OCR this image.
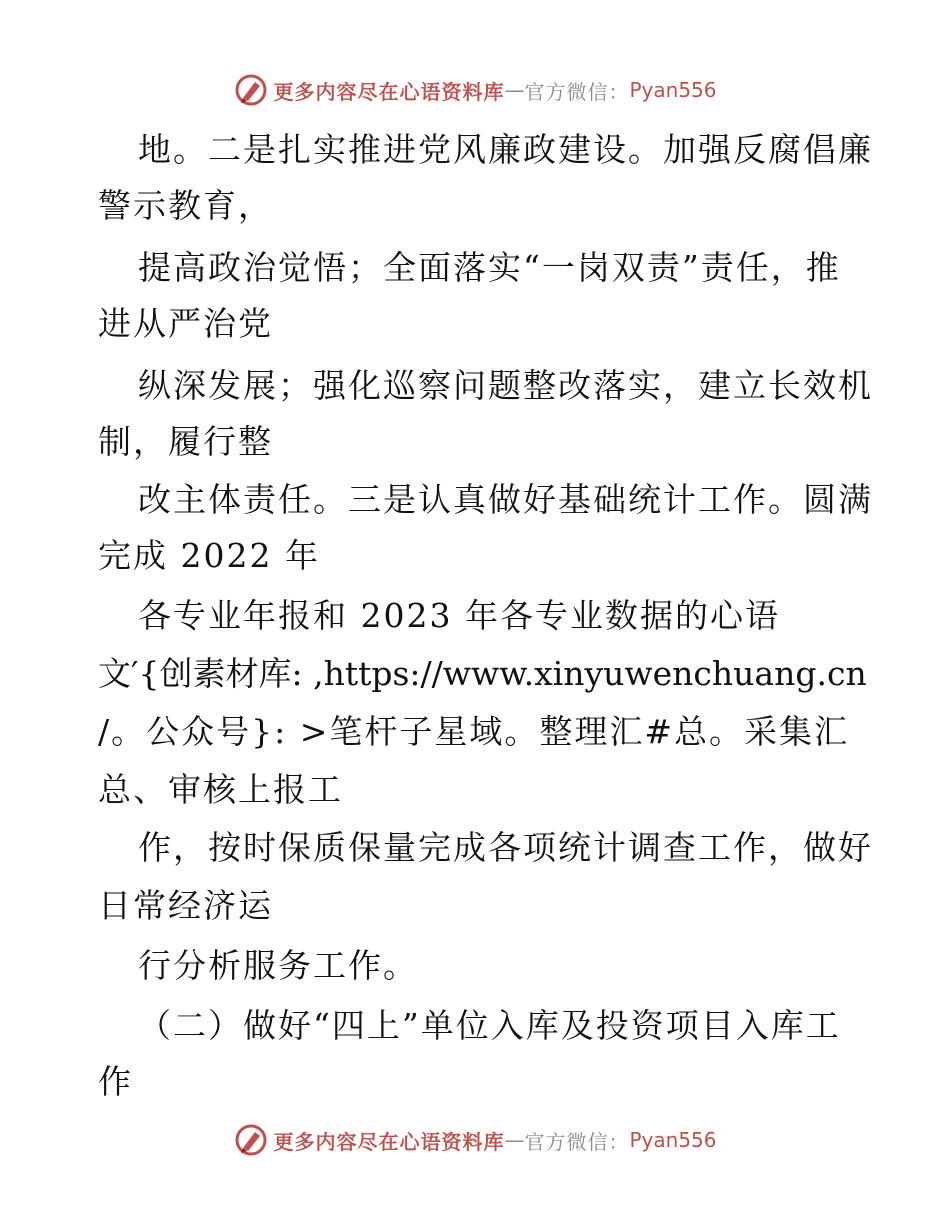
更多内容尽在心语资料库 — 官方微信： Pyan556
地。二是扎实推进党风廉政建设。加强反腐倡廉
警示教育，
提高政治觉悟；全面落实“一岗双责”责任，推
进从严治党
纵深发展；强化巡察问题整改落实，建立长效机
制，履行整
改主体责任。三是认真做好基础统计工作。圆满
完成 2022 年
各专业年报和 2023 年各专业数据的心语
文′{创素材库: ,https://www.xinyuwenchuang.cn
/。公众号}: >笔杆子星域。整理汇#总。采集汇
总、审核上报工
作，按时保质保量完成各项统计调查工作，做好
日常经济运
行分析服务工作。
（二）做好“四上”单位入库及投资项目入库工
作
更多内容尽在心语资料库 — 官方微信： Pyan556
